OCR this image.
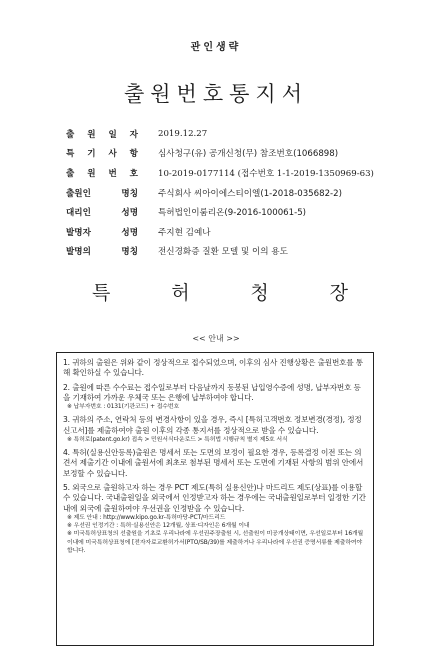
관인생략
출원번호통지서
출 원 일 자 2019.12.27
특 기 사 항 심사청구(유) 공개신청(무) 참조번호(1066898)
출 원 번 호 10-2019-0177114 (접수번호 1-1-2019-1350969-63)
출원인	명칭 주식회사 씨아이에스티이엘(1-2018-035682-2)
대리인	성명 특허법인이룸리온(9-2016-100061-5)
발명자	성명 주지현 김예나
발명의	명칭 전신경화증 질환 모델 및 이의 용도
특	허	청	장
<< 안내 >>

1. 귀하의 출원은 위와 같이 정상적으로 접수되었으며, 이후의 심사 진행상황은 출원번호를 통해 확인하실 수 있습니다.

2. 출원에 따른 수수료는 접수일로부터 다음날까지 동봉된 납입영수증에 성명, 납부자번호 등을 기재하여 가까운 우체국 또는 은행에 납부하여야 합니다.

※ 납부자번호 : 0131(기관코드) + 접수번호

3. 귀하의 주소, 연락처 등의 변경사항이 있을 경우, 즉시 [특허고객번호 정보변경(경정), 정정신고서]를 제출하여야 출원 이후의 각종 통지서를 정상적으로 받을 수 있습니다.

※ 특허로(patent.go.kr) 접속 > 민원서식다운로드 > 특허법 시행규칙 별지 제5호 서식

4. 특허(실용신안등록)출원은 명세서 또는 도면의 보정이 필요한 경우, 등록결정 이전 또는 의견서 제출기간 이내에 출원서에 최초로 첨부된 명세서 또는 도면에 기재된 사항의 범위 안에서 보정할 수 있습니다.

5. 외국으로 출원하고자 하는 경우 PCT 제도(특허 실용신안)나 마드리드 제도(상표)를 이용할 수 있습니다. 국내출원일을 외국에서 인정받고자 하는 경우에는 국내출원일로부터 일정한 기간 내에 외국에 출원하여야 우선권을 인정받을 수 있습니다.

※ 제도 안내 : http://www.kipo.go.kr-특허마당-PCT/마드리드

※ 우선권 인정기간 : 특허·실용신안은 12개월, 상표·디자인은 6개월 이내

※ 미국특허상표청의 선출원을 기초로 우리나라에 우선권주장출원 시, 선출원이 미공개상태이면, 우선일로부터 16개월 이내에 미국특허상표청에 [전자자료교환허가서(PTO/SB/39)를 제출하거나 우리나라에 우선권 증명서류를 제출하여야 합니다.
